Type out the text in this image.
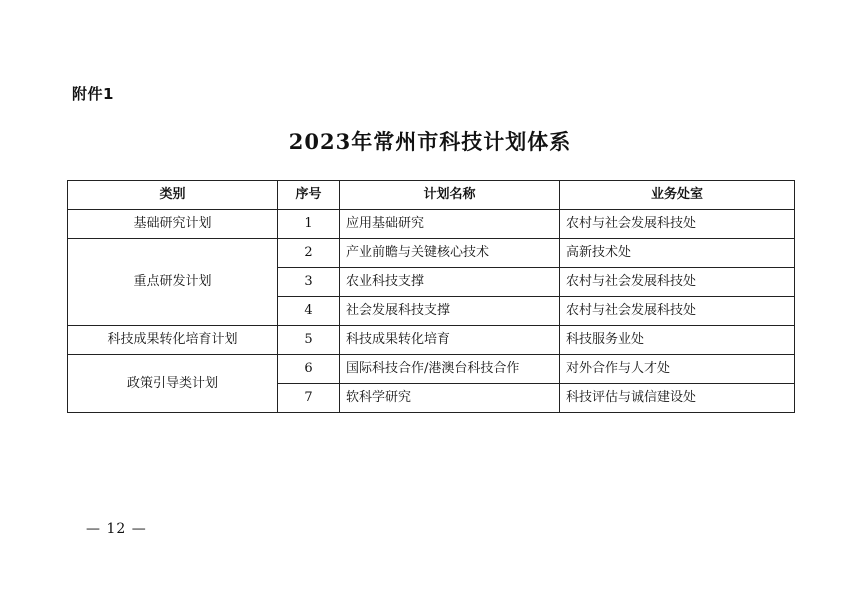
附件1
2023年常州市科技计划体系
类别	序号	计划名称	业务处室
基础研究计划	1	应用基础研究	农村与社会发展科技处
重点研发计划	2	产业前瞻与关键核心技术	高新技术处
	3	农业科技支撑	农村与社会发展科技处
	4	社会发展科技支撑	农村与社会发展科技处
科技成果转化培育计划	5	科技成果转化培育	科技服务业处
政策引导类计划	6	国际科技合作/港澳台科技合作	对外合作与人才处
	7	软科学研究	科技评估与诚信建设处
— 12 —
